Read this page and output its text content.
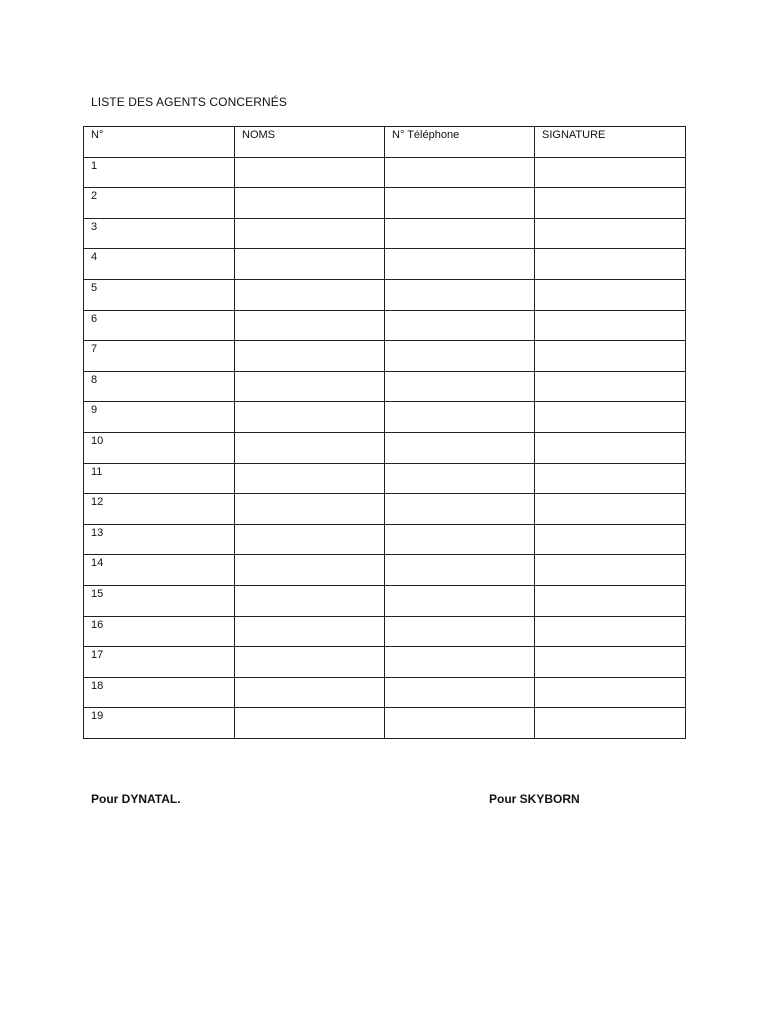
LISTE DES AGENTS CONCERNÉS
N°	NOMS	N° Téléphone	SIGNATURE

1			

2			

3			

4			

5			

6			

7			

8			

9			

10			

11			

12			

13			

14			

15			

16			

17			

18			

19			

Pour DYNATAL.	Pour SKYBORN
